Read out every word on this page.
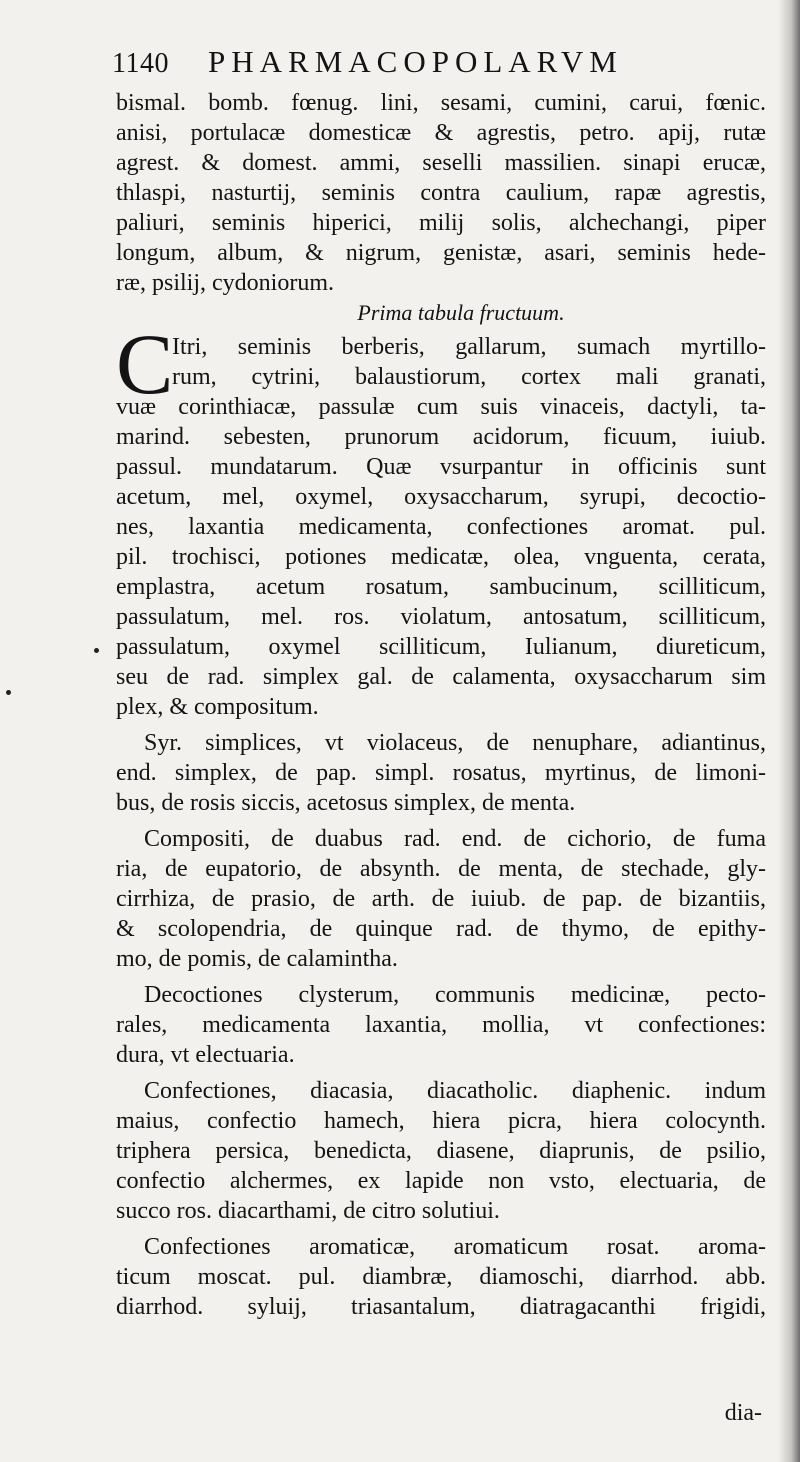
1140	PHARMACOPOLARVM
bismal. bomb. fœnug. lini, sesami, cumini, carui, fœnic.
anisi, portulacæ domesticæ & agrestis, petro. apij, rutæ
agrest. & domest. ammi, seselli massilien. sinapi erucæ,
thlaspi, nasturtij, seminis contra caulium, rapæ agrestis,
paliuri, seminis hiperici, milij solis, alchechangi, piper
longum, album, & nigrum, genistæ, asari, seminis hede-
ræ, psilij, cydoniorum.
Prima tabula fructuum.
C
Itri, seminis berberis, gallarum, sumach myrtillo-
rum, cytrini, balaustiorum, cortex mali granati,
vuæ corinthiacæ, passulæ cum suis vinaceis, dactyli, ta-
marind. sebesten, prunorum acidorum, ficuum, iuiub.
passul. mundatarum. Quæ vsurpantur in officinis sunt
acetum, mel, oxymel, oxysaccharum, syrupi, decoctio-
nes, laxantia medicamenta, confectiones aromat. pul.
pil. trochisci, potiones medicatæ, olea, vnguenta, cerata,
emplastra, acetum rosatum, sambucinum, scilliticum,
passulatum, mel. ros. violatum, antosatum, scilliticum,
passulatum, oxymel scilliticum, Iulianum, diureticum,
seu de rad. simplex gal. de calamenta, oxysaccharum sim
plex, & compositum.
Syr. simplices, vt violaceus, de nenuphare, adiantinus,
end. simplex, de pap. simpl. rosatus, myrtinus, de limoni-
bus, de rosis siccis, acetosus simplex, de menta.
Compositi, de duabus rad. end. de cichorio, de fuma
ria, de eupatorio, de absynth. de menta, de stechade, gly-
cirrhiza, de prasio, de arth. de iuiub. de pap. de bizantiis,
& scolopendria, de quinque rad. de thymo, de epithy-
mo, de pomis, de calamintha.
Decoctiones clysterum, communis medicinæ, pecto-
rales, medicamenta laxantia, mollia, vt confectiones:
dura, vt electuaria.
Confectiones, diacasia, diacatholic. diaphenic. indum
maius, confectio hamech, hiera picra, hiera colocynth.
triphera persica, benedicta, diasene, diaprunis, de psilio,
confectio alchermes, ex lapide non vsto, electuaria, de
succo ros. diacarthami, de citro solutiui.
Confectiones aromaticæ, aromaticum rosat. aroma-
ticum moscat. pul. diambræ, diamoschi, diarrhod. abb.
diarrhod. syluij, triasantalum, diatragacanthi frigidi,
dia-
